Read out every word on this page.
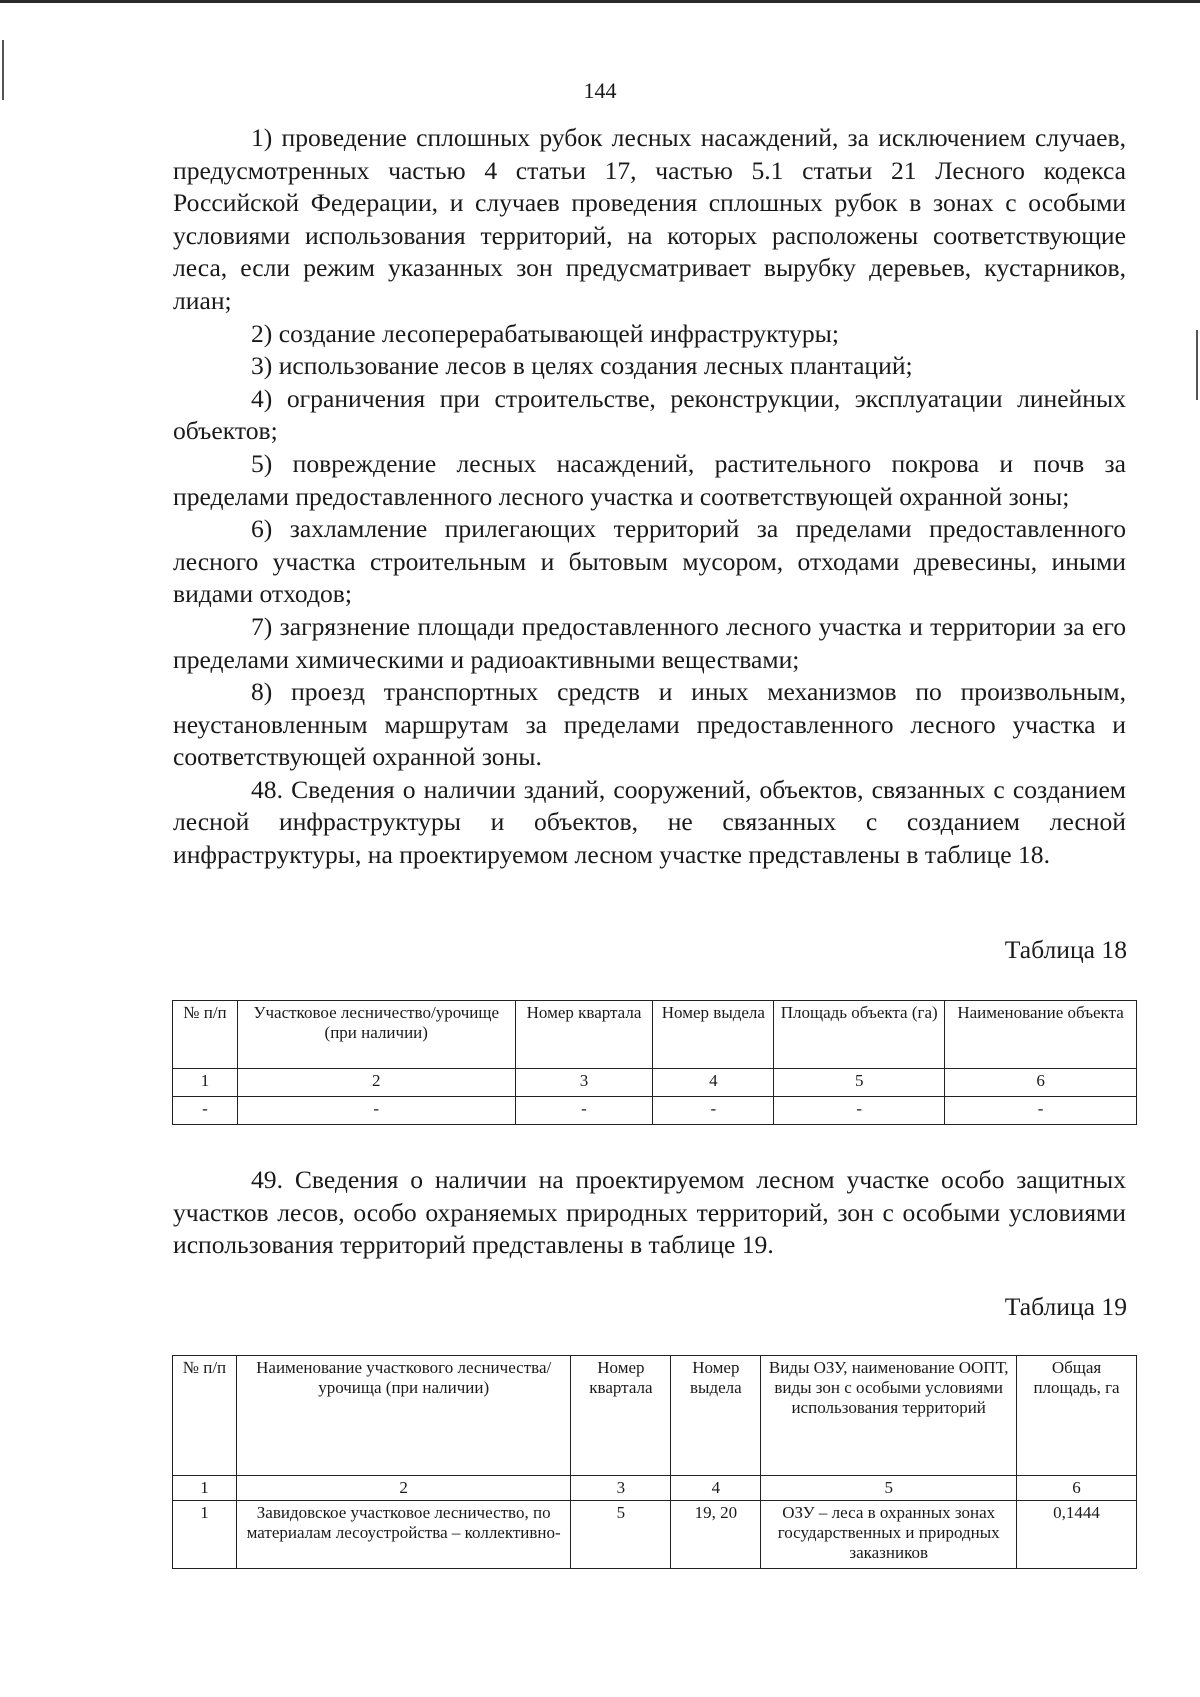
144

1) проведение сплошных рубок лесных насаждений, за исключением случаев, предусмотренных частью 4 статьи 17, частью 5.1 статьи 21 Лесного кодекса Российской Федерации, и случаев проведения сплошных рубок в зонах с особыми условиями использования территорий, на которых расположены соответствующие леса, если режим указанных зон предусматривает вырубку деревьев, кустарников, лиан;

2) создание лесоперерабатывающей инфраструктуры;

3) использование лесов в целях создания лесных плантаций;

4) ограничения при строительстве, реконструкции, эксплуатации линейных объектов;

5) повреждение лесных насаждений, растительного покрова и почв за пределами предоставленного лесного участка и соответствующей охранной зоны;

6) захламление прилегающих территорий за пределами предоставленного лесного участка строительным и бытовым мусором, отходами древесины, иными видами отходов;

7) загрязнение площади предоставленного лесного участка и территории за его пределами химическими и радиоактивными веществами;

8) проезд транспортных средств и иных механизмов по произвольным, неустановленным маршрутам за пределами предоставленного лесного участка и соответствующей охранной зоны.

48. Сведения о наличии зданий, сооружений, объектов, связанных с созданием лесной инфраструктуры и объектов, не связанных с созданием лесной инфраструктуры, на проектируемом лесном участке представлены в таблице 18.

Таблица 18
№ п/п	Участковое лесничество/урочище (при наличии)	Номер квартала	Номер выдела	Площадь объекта (га)	Наименование объекта
1	2	3	4	5	6
-	-	-	-	-	-

49. Сведения о наличии на проектируемом лесном участке особо защитных участков лесов, особо охраняемых природных территорий, зон с особыми условиями использования территорий представлены в таблице 19.

Таблица 19
№ п/п	Наименование участкового лесничества/урочища (при наличии)	Номер квартала	Номер выдела	Виды ОЗУ, наименование ООПТ, виды зон с особыми условиями использования территорий	Общая площадь, га
1	2	3	4	5	6
1	Завидовское участковое лесничество, по материалам лесоустройства – коллективно-	5	19, 20	ОЗУ – леса в охранных зонах государственных и природных заказников	0,1444
